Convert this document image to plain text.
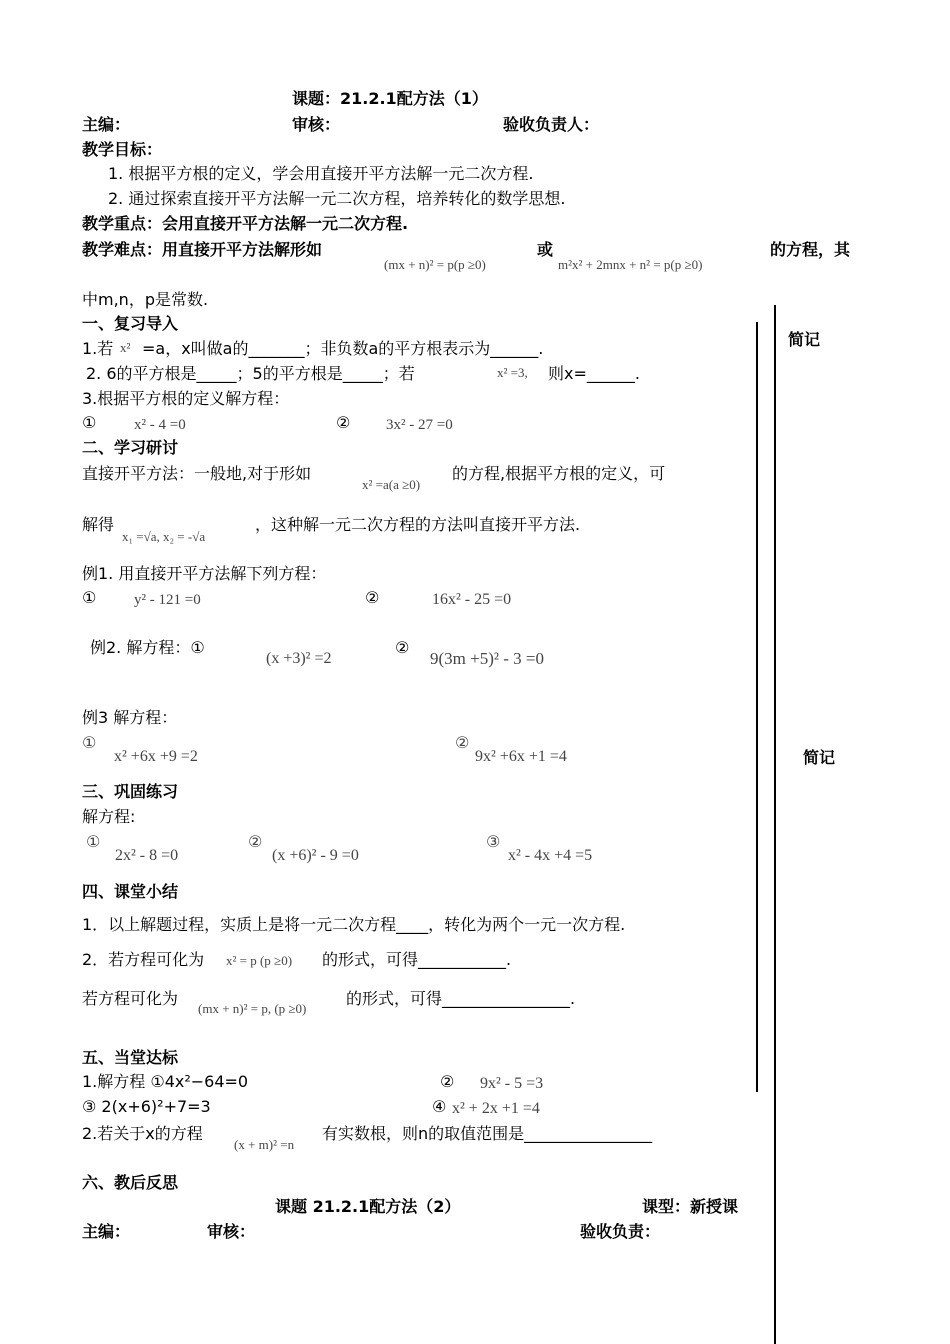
课题：21.2.1配方法（1）
主编：	审核：	验收负责人：
教学目标：
1. 根据平方根的定义，学会用直接开平方法解一元二次方程.
2. 通过探索直接开平方法解一元二次方程，培养转化的数学思想.
教学重点：会用直接开平方法解一元二次方程.
教学难点：用直接开平方法解形如
(mx + n)² = p(p ≥0)
或
m²x² + 2mnx + n² = p(p ≥0)
的方程，其
中m,n，p是常数.
简记
简记
一、复习导入
1.若 x² =a，x叫做a的_______；非负数a的平方根表示为______.
2. 6的平方根是_____；5的平方根是_____；若	x² =3, 则x=______.
3.根据平方根的定义解方程：
①	x² - 4 =0	② 3x² - 27 =0
二、学习研讨
直接开平方法：一般地,对于形如
x² =a(a ≥0)
的方程,根据平方根的定义，可
解得
x₁ =√a, x₂ = -√a
，这种解一元二次方程的方法叫直接开平方法.
例1. 用直接开平方法解下列方程：
①	y² - 121 =0	②	16x² - 25 =0
例2. 解方程：①
(x +3)² =2
②
9(3m +5)² - 3 =0
例3 解方程：
①
x² +6x +9 =2
②
9x² +6x +1 =4
三、巩固练习
解方程:
①
2x² - 8 =0
②
(x +6)² - 9 =0
③
x² - 4x +4 =5
四、课堂小结
1．以上解题过程，实质上是将一元二次方程____，转化为两个一元一次方程.
2．若方程可化为 x² = p (p ≥0) 的形式，可得___________.
若方程可化为
(mx + n)² = p, (p ≥0)
的形式，可得________________.
五、当堂达标
1.解方程 ①4x²−64=0	② 9x² - 5 =3
③ 2(x+6)²+7=3	④ x² + 2x +1 =4
2.若关于x的方程
(x + m)² =n
有实数根，则n的取值范围是________________
六、教后反思
课题 21.2.1配方法（2）	课型：新授课
主编：	审核：	验收负责：
